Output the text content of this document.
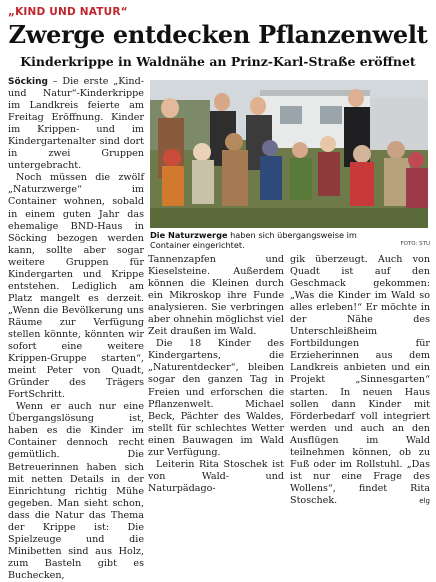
„KIND UND NATUR“
Zwerge entdecken Pflanzenwelt
Kinderkrippe in Waldnähe an Prinz-Karl-Straße eröffnet

Söcking – Die erste „Kind- und Natur“-Kinderkrippe im Landkreis feierte am Freitag Eröffnung. Kinder im Krippen- und im Kindergartenalter sind dort in zwei Gruppen untergebracht.

Noch müssen die zwölf „Naturzwerge“ im Container wohnen, sobald in einem guten Jahr das ehemalige BND-Haus in Söcking bezogen werden kann, sollte aber sogar weitere Gruppen für Kindergarten und Krippe entstehen. Lediglich am Platz mangelt es derzeit. „Wenn die Bevölkerung uns Räume zur Verfügung stellen könnte, könnten wir sofort eine weitere Krippen-Gruppe starten“, meint Peter von Quadt, Gründer des Trägers FortSchritt.

Wenn er auch nur eine Übergangslösung ist, haben es die Kinder im Container dennoch recht gemütlich. Die Betreuerinnen haben sich mit netten Details in der Einrichtung richtig Mühe gegeben. Man sieht schon, dass die Natur das Thema der Krippe ist: Die Spielzeuge und die Minibetten sind aus Holz, zum Basteln gibt es Buchecken,

Die Naturzwerge haben sich übergangsweise im Container eingerichtet.	FOTO: STU

Tannenzapfen und Kieselsteine. Außerdem können die Kleinen durch ein Mikroskop ihre Funde analysieren. Sie verbringen aber ohnehin möglichst viel Zeit draußen im Wald.

Die 18 Kinder des Kindergartens, die „Naturentdecker“, bleiben sogar den ganzen Tag in Freien und erforschen die Pflanzenwelt. Michael Beck, Pächter des Waldes, stellt für schlechtes Wetter einen Bauwagen im Wald zur Verfügung.

Leiterin Rita Stoschek ist von Wald- und Naturpädago-

gik überzeugt. Auch von Quadt ist auf den Geschmack gekommen: „Was die Kinder im Wald so alles erleben!“ Er möchte in der Nähe des Unterschleißheim Fortbildungen für Erzieherinnen aus dem Landkreis anbieten und ein Projekt „Sinnesgarten“ starten. In neuen Haus sollen dann Kinder mit Förderbedarf voll integriert werden und auch an den Ausflügen im Wald teilnehmen können, ob zu Fuß oder im Rollstuhl. „Das ist nur eine Frage des Wollens“, findet Rita Stoschek.	elg
